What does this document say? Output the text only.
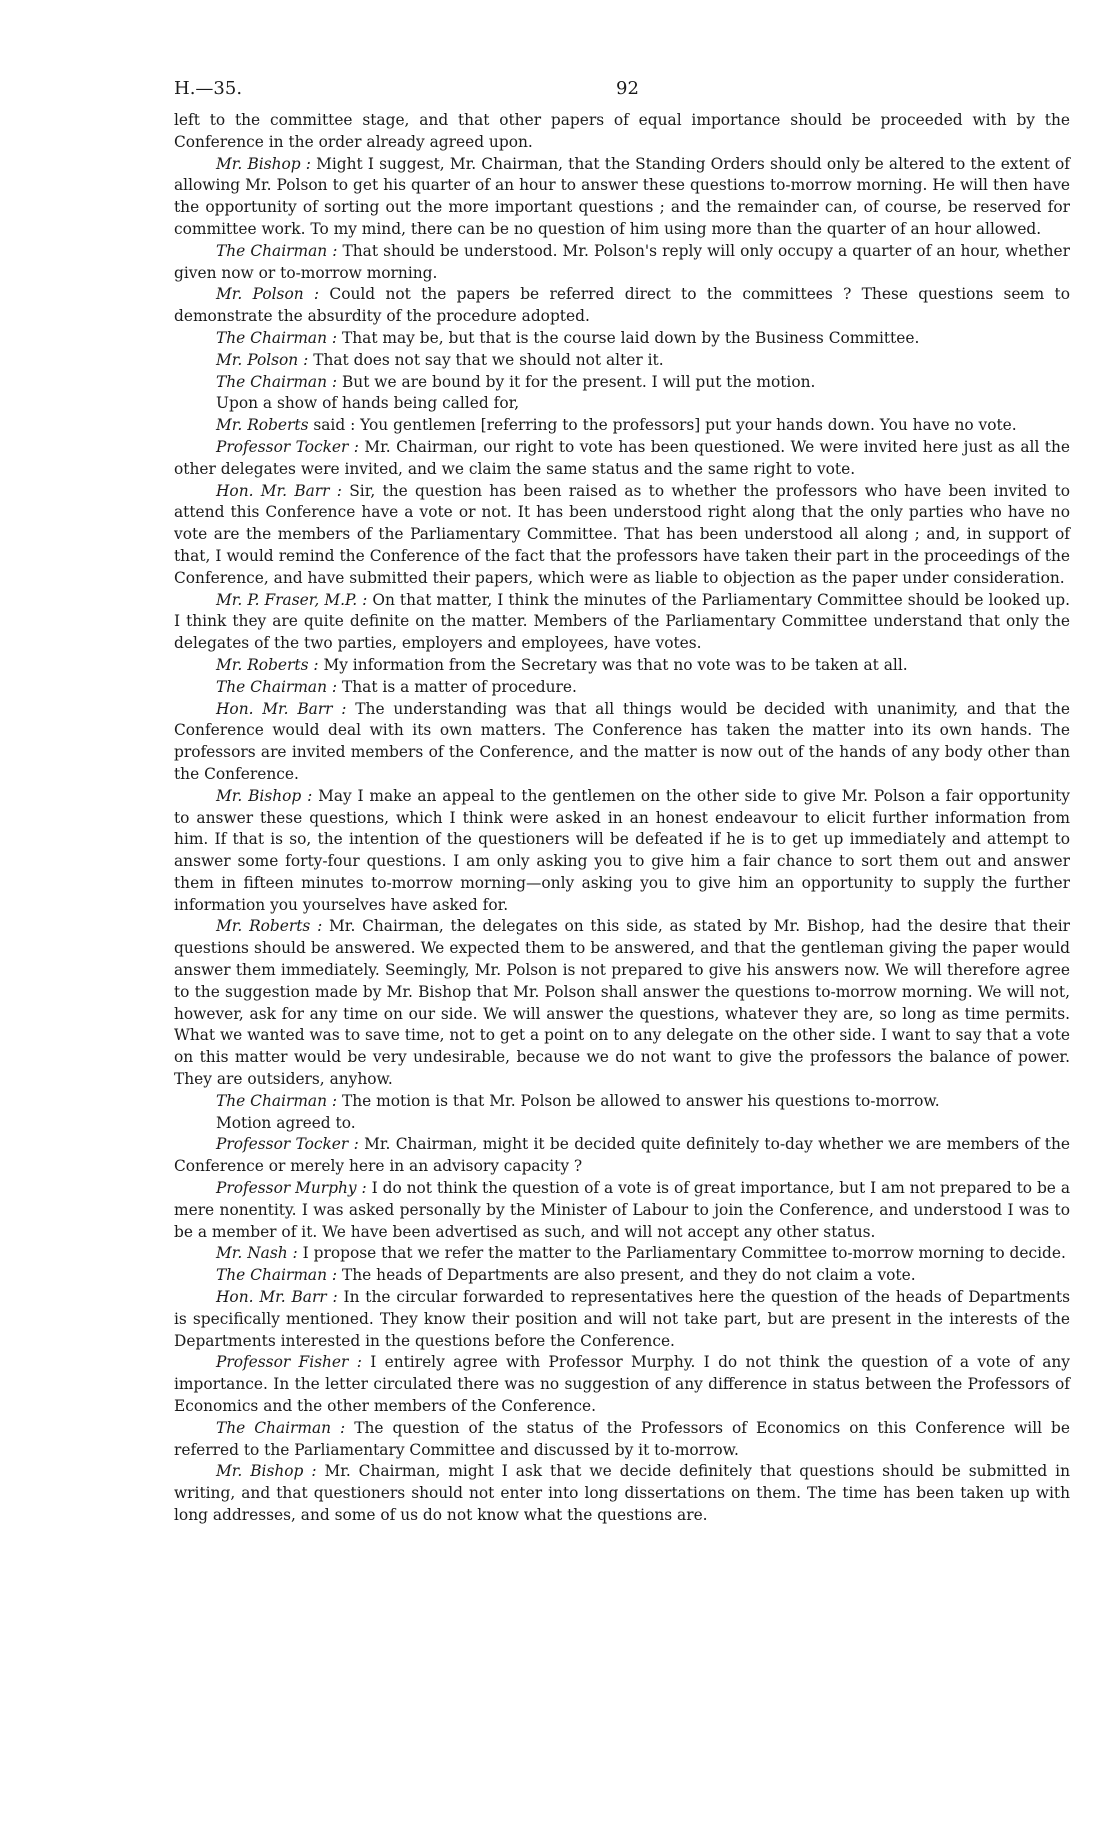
H.—35.	92

left to the committee stage, and that other papers of equal importance should be proceeded with by the Conference in the order already agreed upon.

Mr. Bishop : Might I suggest, Mr. Chairman, that the Standing Orders should only be altered to the extent of allowing Mr. Polson to get his quarter of an hour to answer these questions to-morrow morning. He will then have the opportunity of sorting out the more important questions ; and the remainder can, of course, be reserved for committee work. To my mind, there can be no question of him using more than the quarter of an hour allowed.

The Chairman : That should be understood. Mr. Polson's reply will only occupy a quarter of an hour, whether given now or to-morrow morning.

Mr. Polson : Could not the papers be referred direct to the committees ? These questions seem to demonstrate the absurdity of the procedure adopted.

The Chairman : That may be, but that is the course laid down by the Business Committee.

Mr. Polson : That does not say that we should not alter it.

The Chairman : But we are bound by it for the present. I will put the motion.

Upon a show of hands being called for,

Mr. Roberts said : You gentlemen [referring to the professors] put your hands down. You have no vote.

Professor Tocker : Mr. Chairman, our right to vote has been questioned. We were invited here just as all the other delegates were invited, and we claim the same status and the same right to vote.

Hon. Mr. Barr : Sir, the question has been raised as to whether the professors who have been invited to attend this Conference have a vote or not. It has been understood right along that the only parties who have no vote are the members of the Parliamentary Committee. That has been understood all along ; and, in support of that, I would remind the Conference of the fact that the professors have taken their part in the proceedings of the Conference, and have submitted their papers, which were as liable to objection as the paper under consideration.

Mr. P. Fraser, M.P. : On that matter, I think the minutes of the Parliamentary Committee should be looked up. I think they are quite definite on the matter. Members of the Parliamentary Committee understand that only the delegates of the two parties, employers and employees, have votes.

Mr. Roberts : My information from the Secretary was that no vote was to be taken at all.

The Chairman : That is a matter of procedure.

Hon. Mr. Barr : The understanding was that all things would be decided with unanimity, and that the Conference would deal with its own matters. The Conference has taken the matter into its own hands. The professors are invited members of the Conference, and the matter is now out of the hands of any body other than the Conference.

Mr. Bishop : May I make an appeal to the gentlemen on the other side to give Mr. Polson a fair opportunity to answer these questions, which I think were asked in an honest endeavour to elicit further information from him. If that is so, the intention of the questioners will be defeated if he is to get up immediately and attempt to answer some forty-four questions. I am only asking you to give him a fair chance to sort them out and answer them in fifteen minutes to-morrow morning—only asking you to give him an opportunity to supply the further information you yourselves have asked for.

Mr. Roberts : Mr. Chairman, the delegates on this side, as stated by Mr. Bishop, had the desire that their questions should be answered. We expected them to be answered, and that the gentleman giving the paper would answer them immediately. Seemingly, Mr. Polson is not prepared to give his answers now. We will therefore agree to the suggestion made by Mr. Bishop that Mr. Polson shall answer the questions to-morrow morning. We will not, however, ask for any time on our side. We will answer the questions, whatever they are, so long as time permits. What we wanted was to save time, not to get a point on to any delegate on the other side. I want to say that a vote on this matter would be very undesirable, because we do not want to give the professors the balance of power. They are outsiders, anyhow.

The Chairman : The motion is that Mr. Polson be allowed to answer his questions to-morrow.

Motion agreed to.

Professor Tocker : Mr. Chairman, might it be decided quite definitely to-day whether we are members of the Conference or merely here in an advisory capacity ?

Professor Murphy : I do not think the question of a vote is of great importance, but I am not prepared to be a mere nonentity. I was asked personally by the Minister of Labour to join the Conference, and understood I was to be a member of it. We have been advertised as such, and will not accept any other status.

Mr. Nash : I propose that we refer the matter to the Parliamentary Committee to-morrow morning to decide.

The Chairman : The heads of Departments are also present, and they do not claim a vote.

Hon. Mr. Barr : In the circular forwarded to representatives here the question of the heads of Departments is specifically mentioned. They know their position and will not take part, but are present in the interests of the Departments interested in the questions before the Conference.

Professor Fisher : I entirely agree with Professor Murphy. I do not think the question of a vote of any importance. In the letter circulated there was no suggestion of any difference in status between the Professors of Economics and the other members of the Conference.

The Chairman : The question of the status of the Professors of Economics on this Conference will be referred to the Parliamentary Committee and discussed by it to-morrow.

Mr. Bishop : Mr. Chairman, might I ask that we decide definitely that questions should be submitted in writing, and that questioners should not enter into long dissertations on them. The time has been taken up with long addresses, and some of us do not know what the questions are.
